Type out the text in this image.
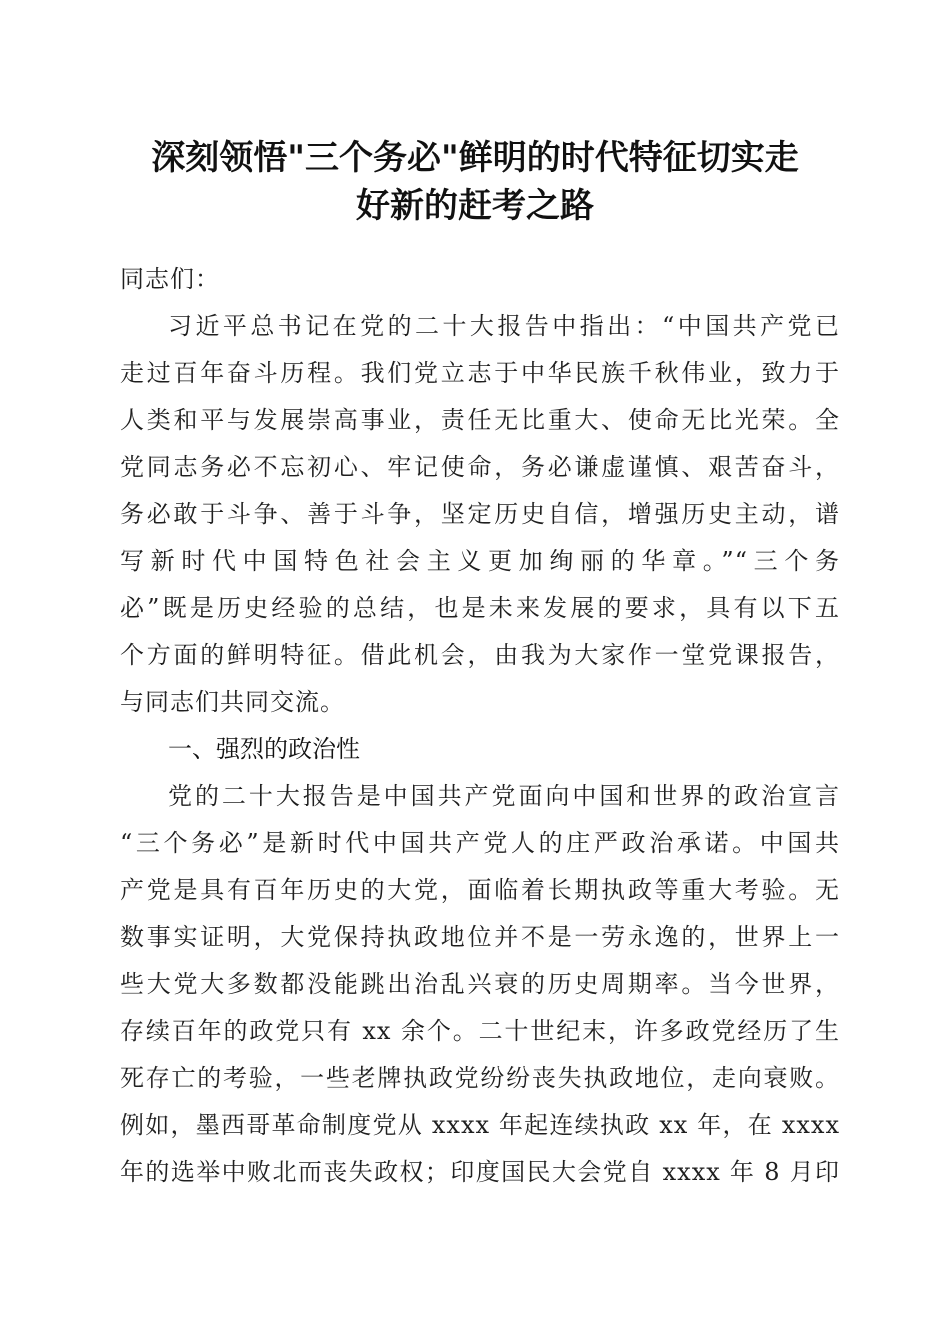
深刻领悟"三个务必"鲜明的时代特征切实走
好新的赶考之路
同志们：
习近平总书记在党的二十大报告中指出：“中国共产党已
走过百年奋斗历程。我们党立志于中华民族千秋伟业，致力于
人类和平与发展崇高事业，责任无比重大、使命无比光荣。全
党同志务必不忘初心、牢记使命，务必谦虚谨慎、艰苦奋斗，
务必敢于斗争、善于斗争，坚定历史自信，增强历史主动，谱
写新时代中国特色社会主义更加绚丽的华章。”“三个务
必”既是历史经验的总结，也是未来发展的要求，具有以下五
个方面的鲜明特征。借此机会，由我为大家作一堂党课报告，
与同志们共同交流。
一、强烈的政治性
党的二十大报告是中国共产党面向中国和世界的政治宣言
“三个务必”是新时代中国共产党人的庄严政治承诺。中国共
产党是具有百年历史的大党，面临着长期执政等重大考验。无
数事实证明，大党保持执政地位并不是一劳永逸的，世界上一
些大党大多数都没能跳出治乱兴衰的历史周期率。当今世界，
存续百年的政党只有 xx 余个。二十世纪末，许多政党经历了生
死存亡的考验，一些老牌执政党纷纷丧失执政地位，走向衰败。
例如，墨西哥革命制度党从 xxxx 年起连续执政 xx 年，在 xxxx
年的选举中败北而丧失政权；印度国民大会党自 xxxx 年 8 月印
